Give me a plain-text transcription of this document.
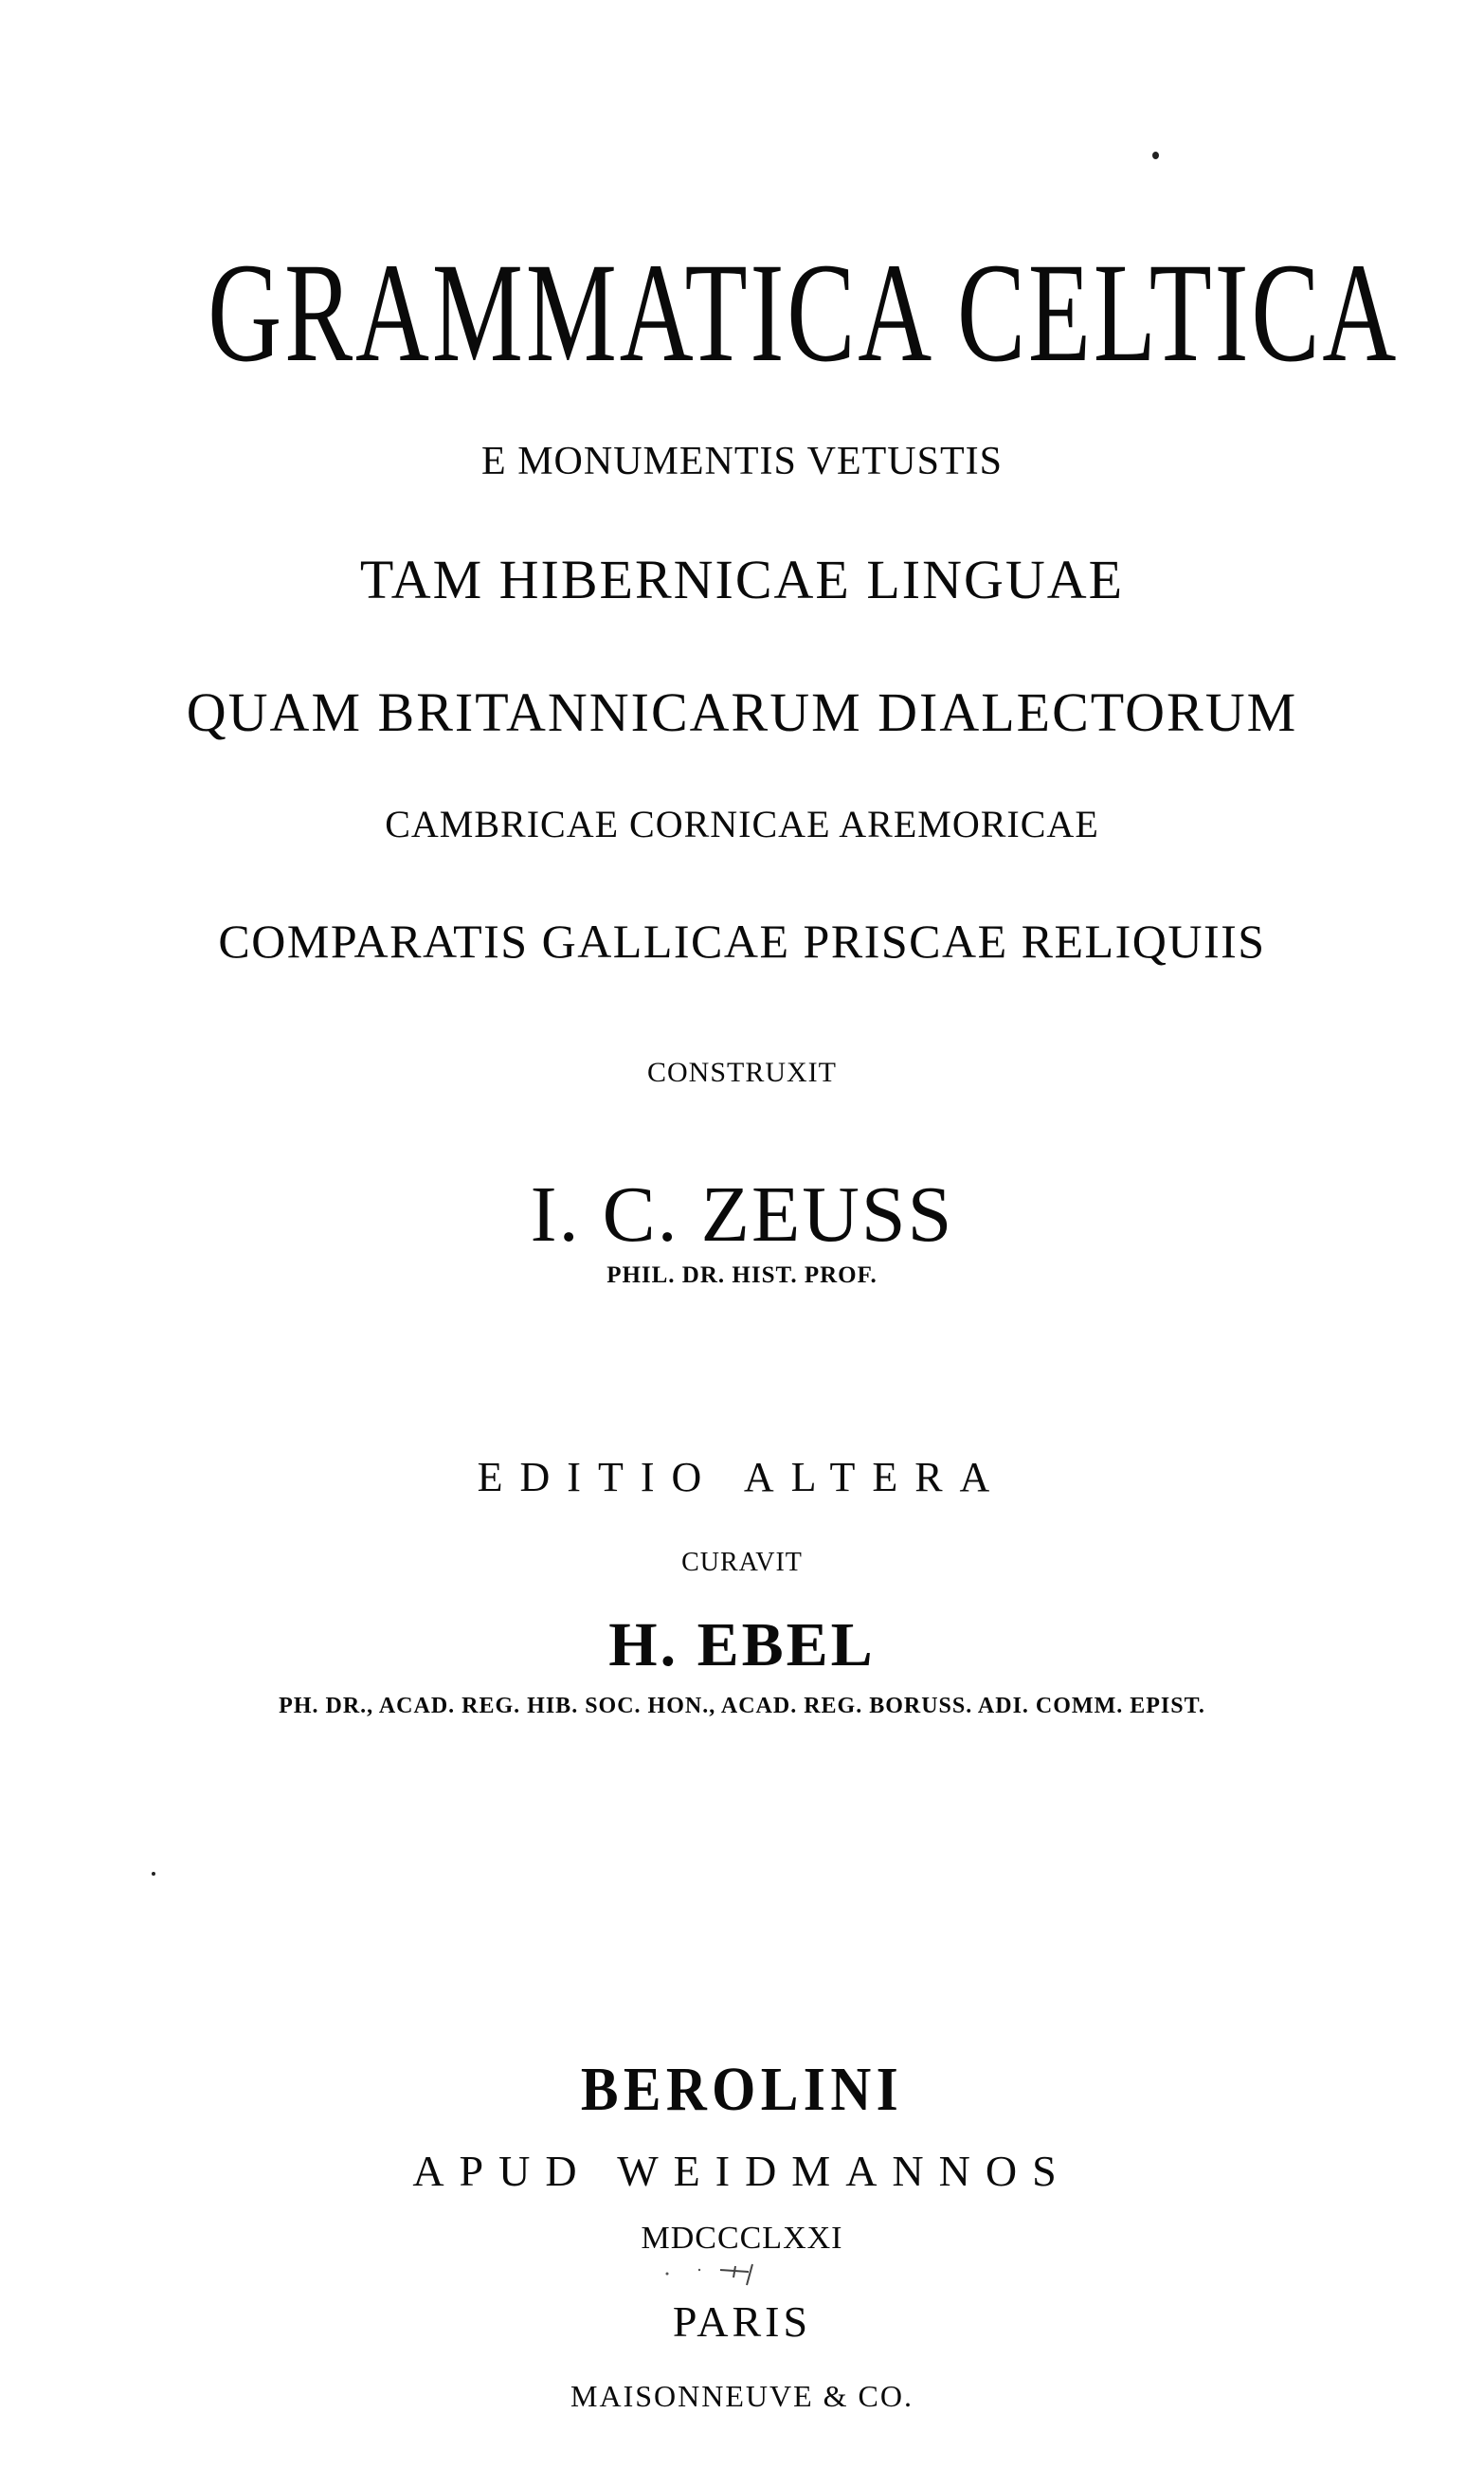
GRAMMATICA CELTICA

E MONUMENTIS VETUSTIS

TAM HIBERNICAE LINGUAE

QUAM BRITANNICARUM DIALECTORUM

CAMBRICAE CORNICAE AREMORICAE

COMPARATIS GALLICAE PRISCAE RELIQUIIS

CONSTRUXIT

I. C. ZEUSS

PHIL. DR. HIST. PROF.

EDITIO ALTERA

CURAVIT

H. EBEL

PH. DR., ACAD. REG. HIB. SOC. HON., ACAD. REG. BORUSS. ADI. COMM. EPIST.

BEROLINI

APUD WEIDMANNOS

MDCCCLXXI

PARIS

MAISONNEUVE & CO.
